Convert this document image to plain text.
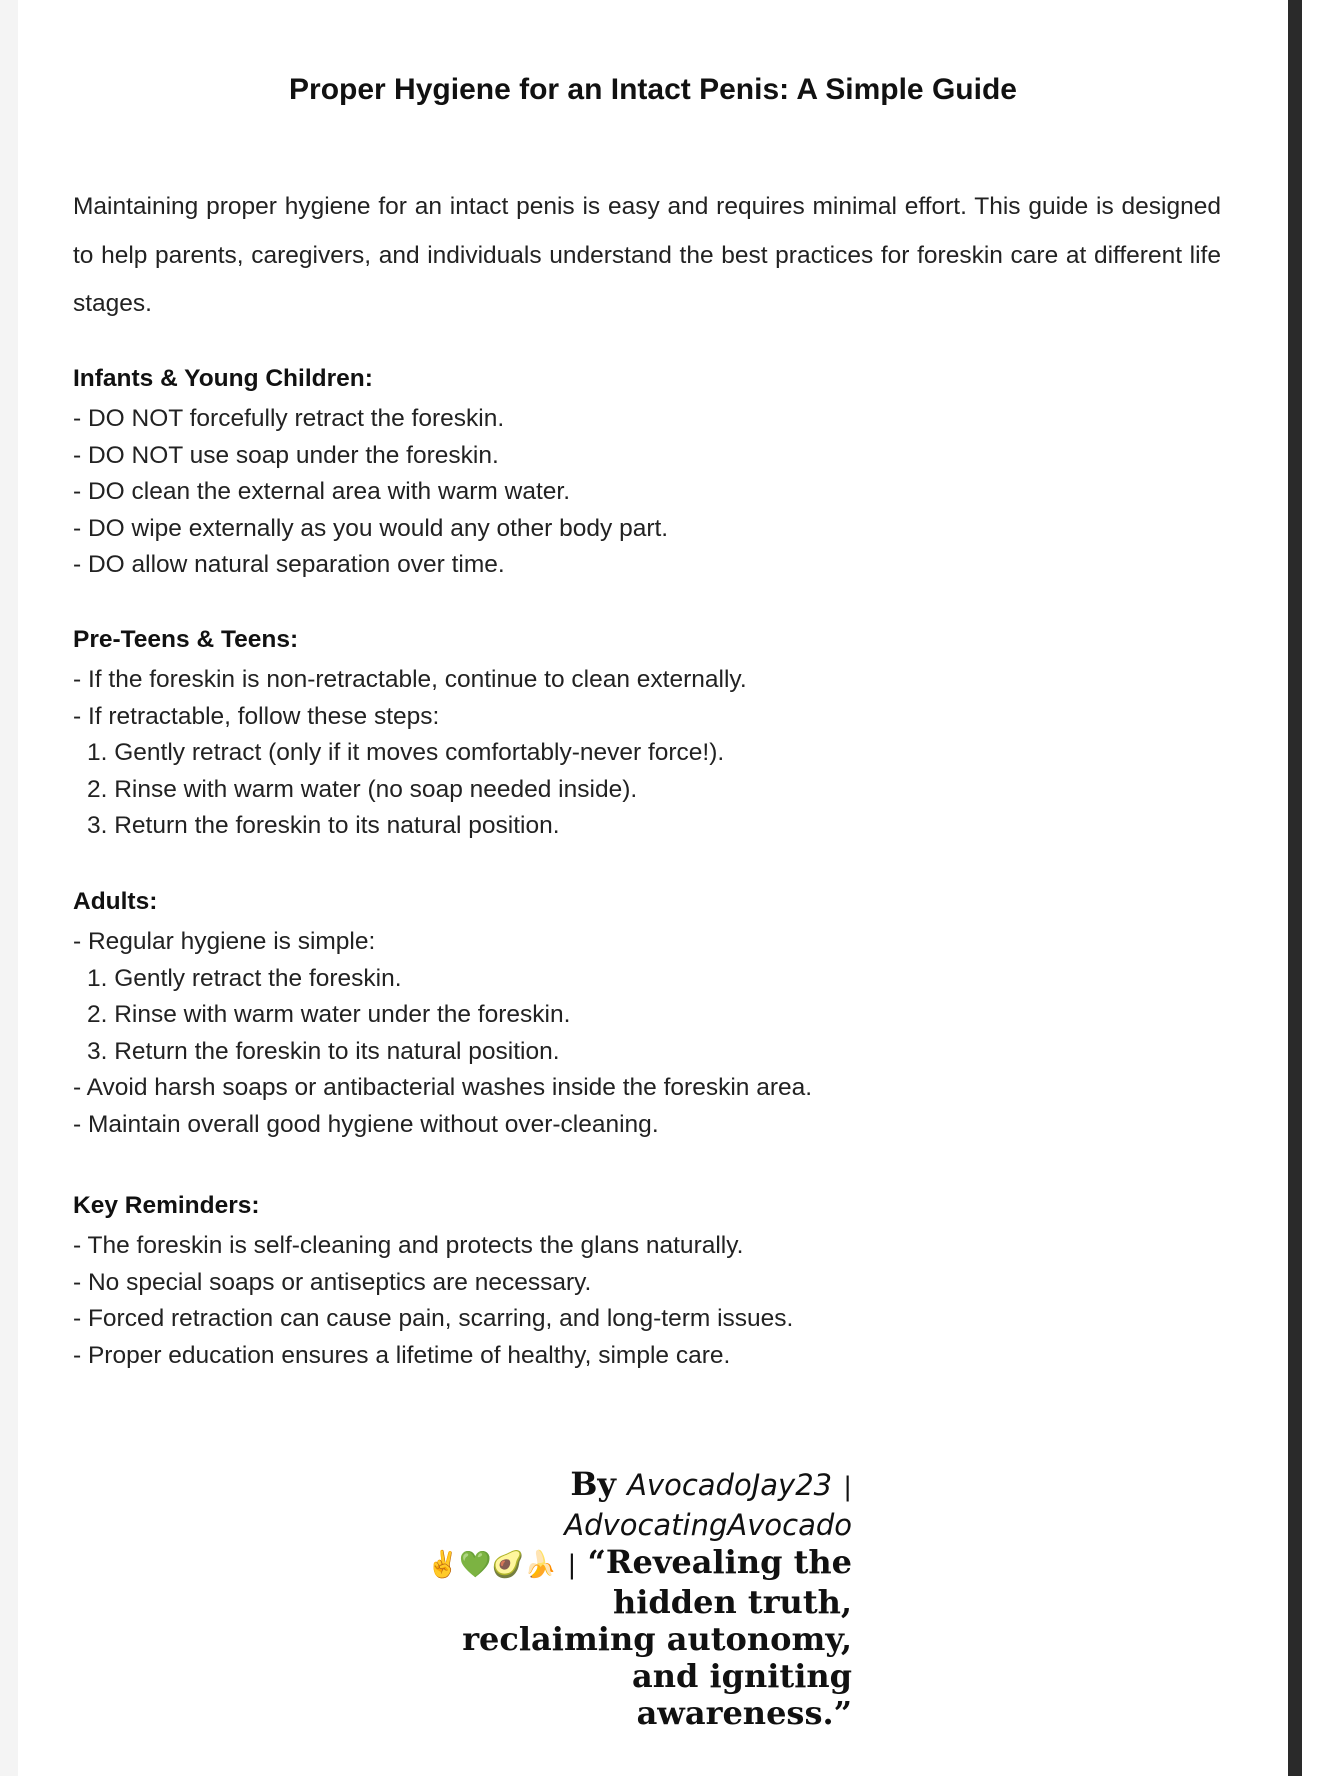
Proper Hygiene for an Intact Penis: A Simple Guide
Maintaining proper hygiene for an intact penis is easy and requires minimal effort. This guide is designed to help parents, caregivers, and individuals understand the best practices for foreskin care at different life stages.
Infants & Young Children:
- DO NOT forcefully retract the foreskin.
- DO NOT use soap under the foreskin.
- DO clean the external area with warm water.
- DO wipe externally as you would any other body part.
- DO allow natural separation over time.
Pre-Teens & Teens:
- If the foreskin is non-retractable, continue to clean externally.
- If retractable, follow these steps:
1. Gently retract (only if it moves comfortably-never force!).
2. Rinse with warm water (no soap needed inside).
3. Return the foreskin to its natural position.
Adults:
- Regular hygiene is simple:
1. Gently retract the foreskin.
2. Rinse with warm water under the foreskin.
3. Return the foreskin to its natural position.
- Avoid harsh soaps or antibacterial washes inside the foreskin area.
- Maintain overall good hygiene without over-cleaning.
Key Reminders:
- The foreskin is self-cleaning and protects the glans naturally.
- No special soaps or antiseptics are necessary.
- Forced retraction can cause pain, scarring, and long-term issues.
- Proper education ensures a lifetime of healthy, simple care.
By AvocadoJay23 |
AdvocatingAvocado
✌️💚🥑🍌 | “Revealing the hidden truth, reclaiming autonomy, and igniting awareness.”
